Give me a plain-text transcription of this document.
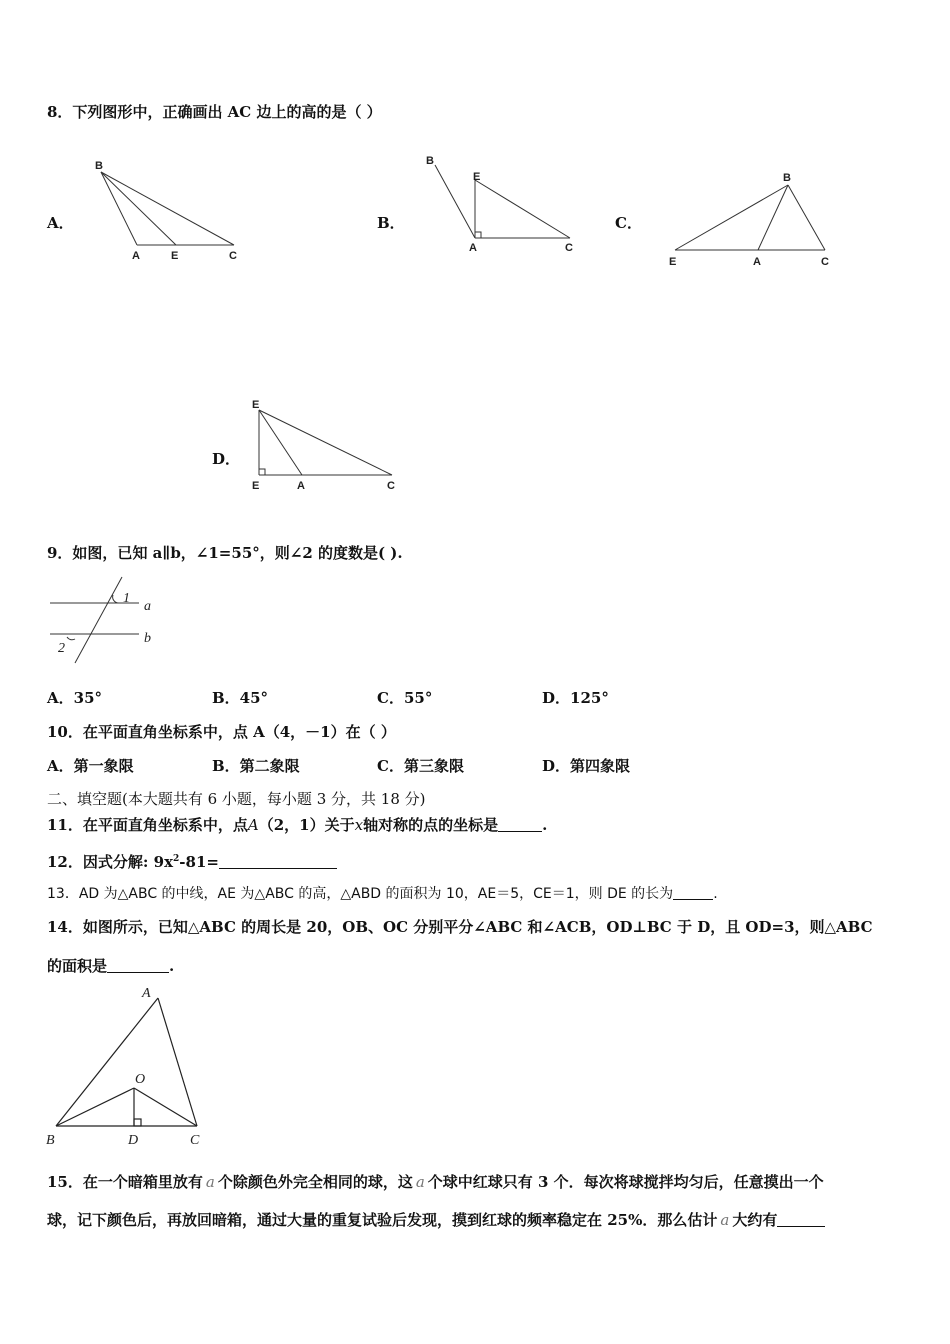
8．下列图形中，正确画出 AC 边上的高的是（ ）
A．
B
A	E	C
B．
B
E
A	C
C．
B
E	A	C
D．
E
E	A	C
9．如图，已知 a∥b，∠1=55°，则∠2 的度数是( ).
1
2
a
b
A．35°	B．45°	C．55°	D．125°
10．在平面直角坐标系中，点 A（4，－1）在（ ）
A．第一象限	B．第二象限	C．第三象限	D．第四象限
二、填空题(本大题共有 6 小题，每小题 3 分，共 18 分)
11．在平面直角坐标系中，点A（2，1）关于x轴对称的点的坐标是	.
12．因式分解: $9x^2-81=$
13．AD 为△ABC 的中线，AE 为△ABC 的高，△ABD 的面积为 10，AE＝5，CE＝1，则 DE 的长为	.
14．如图所示，已知△ABC 的周长是 20，OB、OC 分别平分∠ABC 和∠ACB，OD⊥BC 于 D，且 OD=3，则△ABC
的面积是	.
A
O
B	D	C
15．在一个暗箱里放有 a 个除颜色外完全相同的球，这 a 个球中红球只有 3 个．每次将球搅拌均匀后，任意摸出一个
球，记下颜色后，再放回暗箱，通过大量的重复试验后发现，摸到红球的频率稳定在 25%．那么估计 a 大约有
